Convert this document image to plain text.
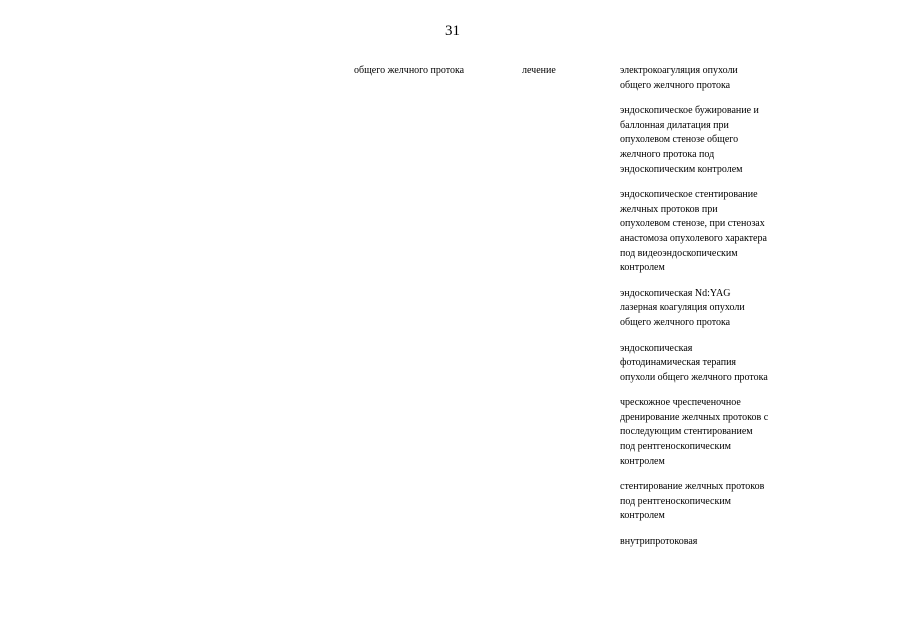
31
общего желчного протока	лечение	электрокоагуляция опухоли
общего желчного протока
эндоскопическое бужирование и
баллонная дилатация при
опухолевом стенозе общего
желчного протока под
эндоскопическим контролем
эндоскопическое стентирование
желчных протоков при
опухолевом стенозе, при стенозах
анастомоза опухолевого характера
под видеоэндоскопическим
контролем
эндоскопическая Nd:YAG
лазерная коагуляция опухоли
общего желчного протока
эндоскопическая
фотодинамическая терапия
опухоли общего желчного протока
чрескожное чреспеченочное
дренирование желчных протоков с
последующим стентированием
под рентгеноскопическим
контролем
стентирование желчных протоков
под рентгеноскопическим
контролем
внутрипротоковая
